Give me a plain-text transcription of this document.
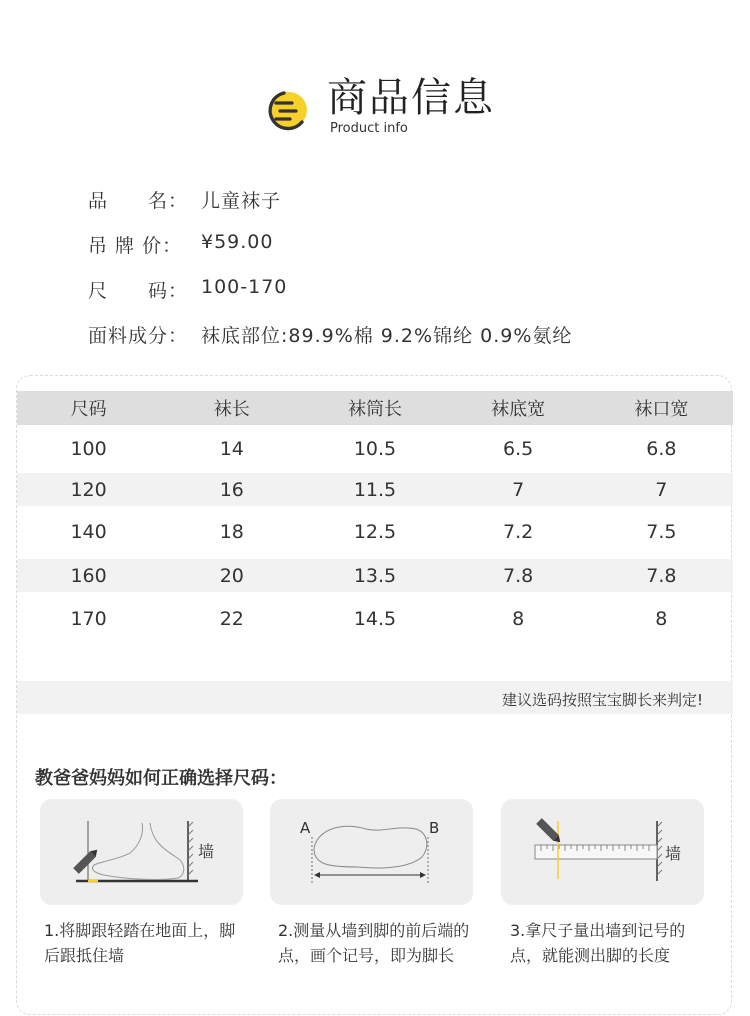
商品信息
Product info
品　　名： 儿童袜子
吊 牌 价： ¥59.00
尺　　码： 100-170
面料成分： 袜底部位:89.9%棉 9.2%锦纶 0.9%氨纶
尺码	袜长	袜筒长	袜底宽	袜口宽
100	14	10.5	6.5	6.8
120	16	11.5	7	7
140	18	12.5	7.2	7.5
160	20	13.5	7.8	7.8
170	22	14.5	8	8
建议选码按照宝宝脚长来判定!
教爸爸妈妈如何正确选择尺码：
墙
A	B
墙
1.将脚跟轻踏在地面上，脚后跟抵住墙
2.测量从墙到脚的前后端的点，画个记号，即为脚长
3.拿尺子量出墙到记号的点，就能测出脚的长度
